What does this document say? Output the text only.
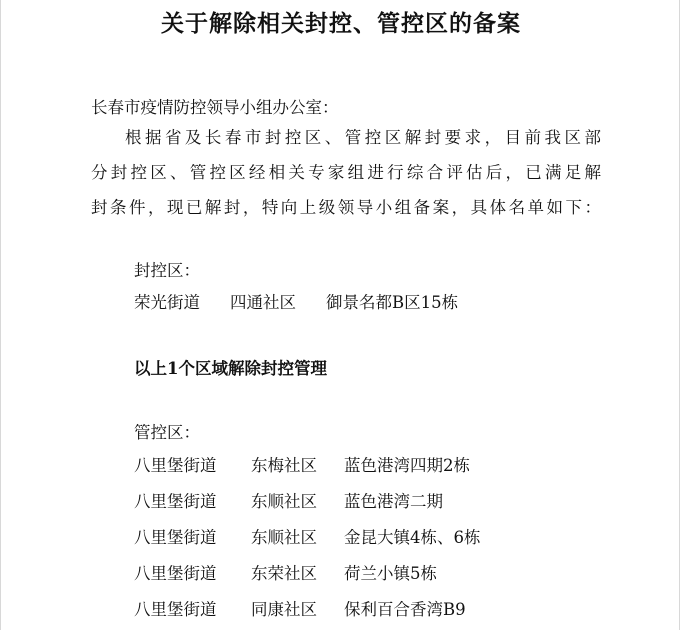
关于解除相关封控、管控区的备案
长春市疫情防控领导小组办公室：
根据省及长春市封控区、管控区解封要求，目前我区部
分封控区、管控区经相关专家组进行综合评估后，已满足解
封条件，现已解封，特向上级领导小组备案，具体名单如下：
封控区：
荣光街道 四通社区 御景名都B区15栋
以上1个区域解除封控管理
管控区：
八里堡街道 东梅社区 蓝色港湾四期2栋
八里堡街道 东顺社区 蓝色港湾二期
八里堡街道 东顺社区 金昆大镇4栋、6栋
八里堡街道 东荣社区 荷兰小镇5栋
八里堡街道 同康社区 保利百合香湾B9
